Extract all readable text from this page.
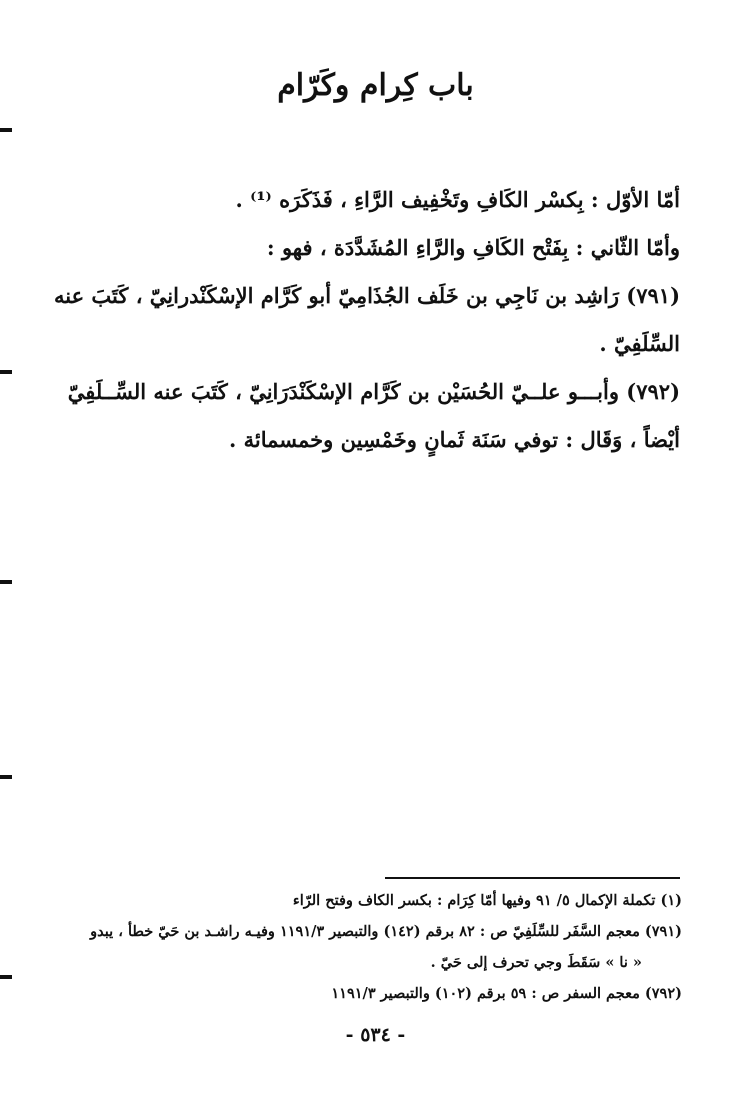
باب كِرام وكَرّام

أمّا الأوّل : بِكسْر الكَافِ وتَخْفِيف الرَّاءِ ، فَذَكَرَه ⁽¹⁾ .

وأمّا الثّاني : بِفَتْح الكَافِ والرَّاءِ المُشَدَّدَة ، فهو :

(٧٩١) رَاشِد بن نَاجِي بن خَلَف الجُذَامِيّ أبو كَرَّام الإسْكَنْدرانِيّ ، كَتَبَ عنه
السِّلَفِيّ .

(٧٩٢) وأبـــو علــيّ الحُسَيْن بن كَرَّام الإسْكَنْدَرَانِيّ ، كَتَبَ عنه السِّــلَفِيّ
أيْضاً ، وَقَال : توفي سَنَة ثَمانٍ وخَمْسِين وخمسمائة .

(١) تكملة الإكمال ٥/ ٩١ وفيها أمّا كِرَام : بكسر الكاف وفتح الرّاء
(٧٩١) معجم السَّفَر للسِّلَفِيّ ص : ٨٢ برقم (١٤٢) والتبصير ١١٩١/٣ وفيـه راشـد بن حَيّ خطأ ، يبدو
« نا » سَقَطَ وجي تحرف إلى حَيّ .
(٧٩٢) معجم السفر ص : ٥٩ برقم (١٠٢) والتبصير ١١٩١/٣
- ٥٣٤ -
